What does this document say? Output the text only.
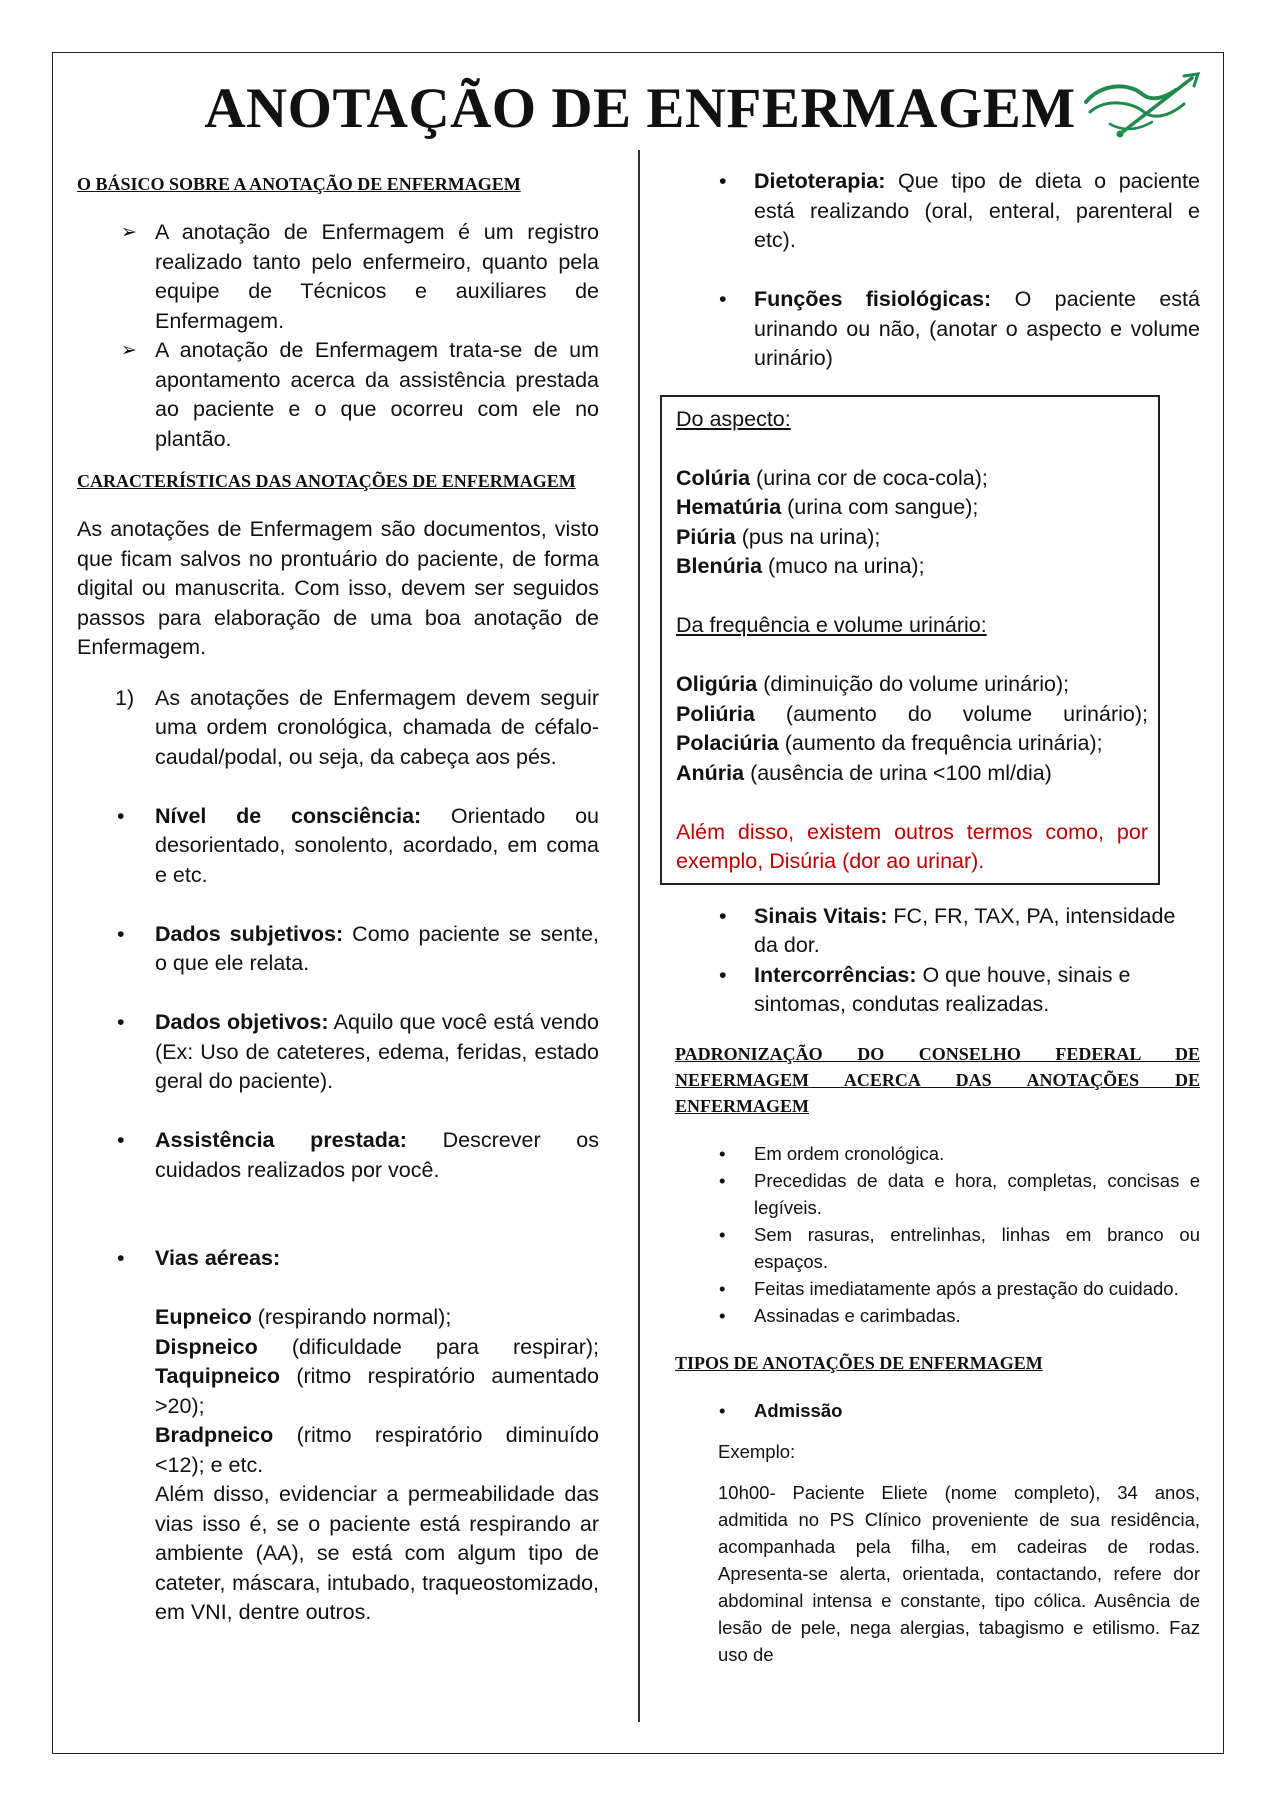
ANOTAÇÃO DE ENFERMAGEM

O BÁSICO SOBRE A ANOTAÇÃO DE ENFERMAGEM

➢ A anotação de Enfermagem é um registro realizado tanto pelo enfermeiro, quanto pela equipe de Técnicos e auxiliares de Enfermagem.
➢ A anotação de Enfermagem trata-se de um apontamento acerca da assistência prestada ao paciente e o que ocorreu com ele no plantão.

CARACTERÍSTICAS DAS ANOTAÇÕES DE ENFERMAGEM

As anotações de Enfermagem são documentos, visto que ficam salvos no prontuário do paciente, de forma digital ou manuscrita. Com isso, devem ser seguidos passos para elaboração de uma boa anotação de Enfermagem.

1) As anotações de Enfermagem devem seguir uma ordem cronológica, chamada de céfalo-caudal/podal, ou seja, da cabeça aos pés.
• Nível de consciência: Orientado ou desorientado, sonolento, acordado, em coma e etc.
• Dados subjetivos: Como paciente se sente, o que ele relata.
• Dados objetivos: Aquilo que você está vendo (Ex: Uso de cateteres, edema, feridas, estado geral do paciente).
• Assistência prestada: Descrever os cuidados realizados por você.
• Vias aéreas:
Eupneico (respirando normal);
Dispneico (dificuldade para respirar);
Taquipneico (ritmo respiratório aumentado >20);
Bradpneico (ritmo respiratório diminuído <12); e etc.
Além disso, evidenciar a permeabilidade das vias isso é, se o paciente está respirando ar ambiente (AA), se está com algum tipo de cateter, máscara, intubado, traqueostomizado, em VNI, dentre outros.
• Dietoterapia: Que tipo de dieta o paciente está realizando (oral, enteral, parenteral e etc).
• Funções fisiológicas: O paciente está urinando ou não, (anotar o aspecto e volume urinário)
Do aspecto:
Colúria (urina cor de coca-cola);
Hematúria (urina com sangue);
Piúria (pus na urina);
Blenúria (muco na urina);
Da frequência e volume urinário:
Oligúria (diminuição do volume urinário);
Poliúria (aumento do volume urinário);
Polaciúria (aumento da frequência urinária);
Anúria (ausência de urina <100 ml/dia)
Além disso, existem outros termos como, por exemplo, Disúria (dor ao urinar).
• Sinais Vitais: FC, FR, TAX, PA, intensidade da dor.
• Intercorrências: O que houve, sinais e sintomas, condutas realizadas.

PADRONIZAÇÃO DO CONSELHO FEDERAL DE NEFERMAGEM ACERCA DAS ANOTAÇÕES DE ENFERMAGEM

• Em ordem cronológica.
• Precedidas de data e hora, completas, concisas e legíveis.
• Sem rasuras, entrelinhas, linhas em branco ou espaços.
• Feitas imediatamente após a prestação do cuidado.
• Assinadas e carimbadas.

TIPOS DE ANOTAÇÕES DE ENFERMAGEM

• Admissão

Exemplo:

10h00- Paciente Eliete (nome completo), 34 anos, admitida no PS Clínico proveniente de sua residência, acompanhada pela filha, em cadeiras de rodas. Apresenta-se alerta, orientada, contactando, refere dor abdominal intensa e constante, tipo cólica. Ausência de lesão de pele, nega alergias, tabagismo e etilismo. Faz uso de
